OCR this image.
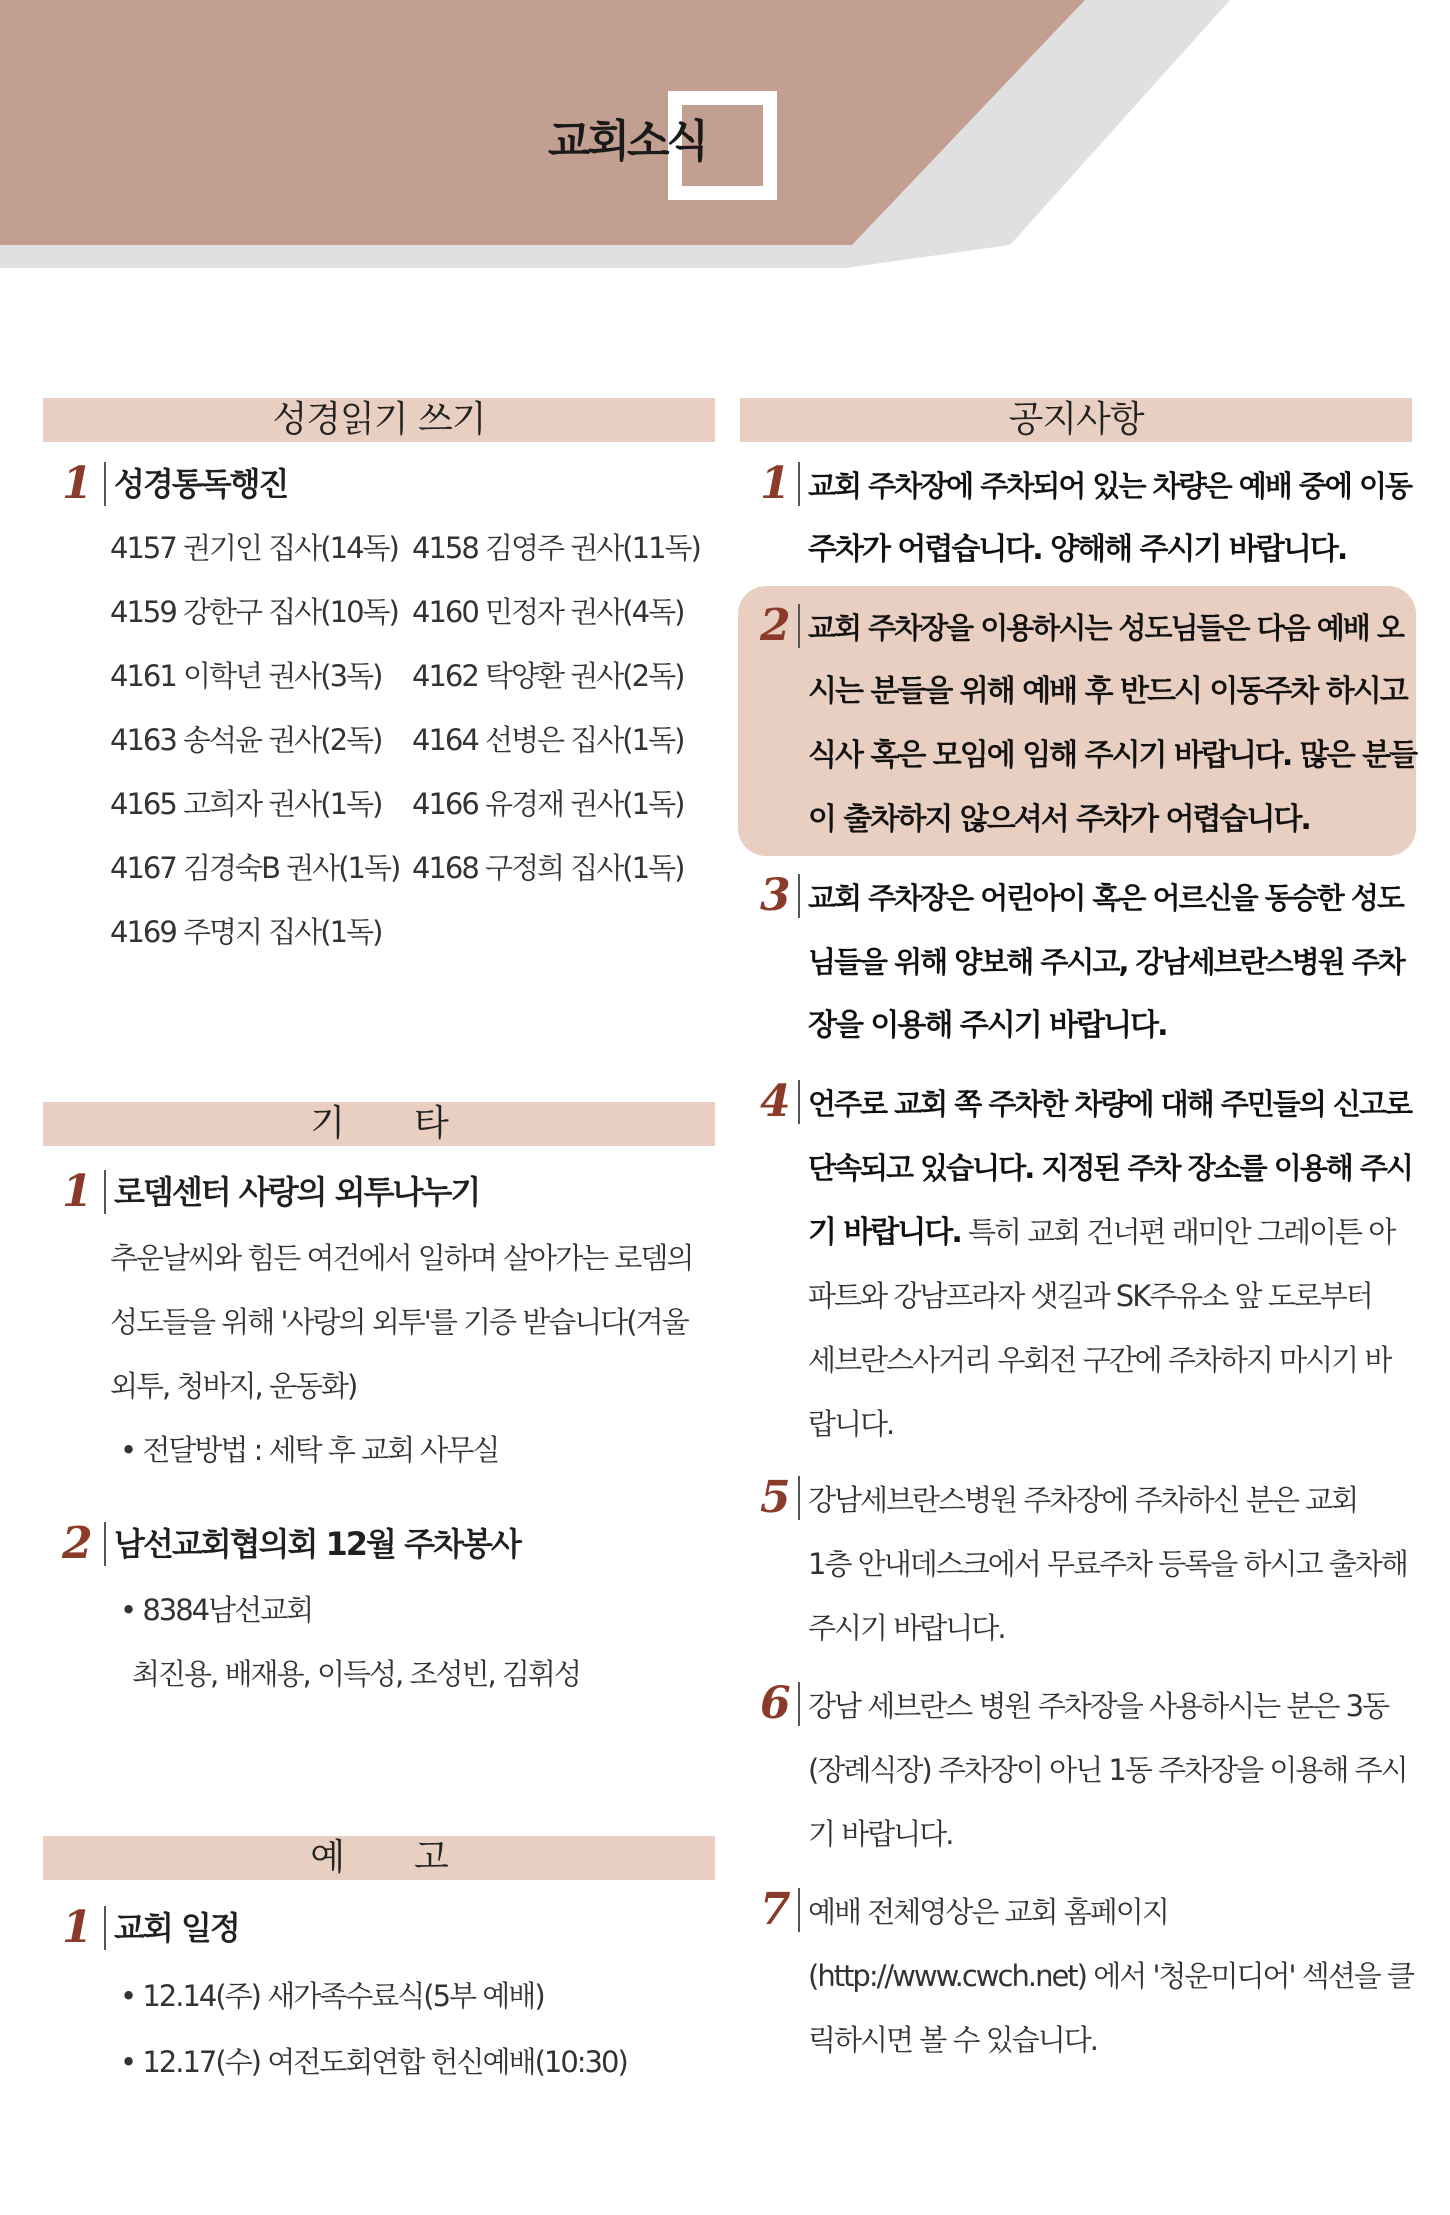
교회소식
성경읽기 쓰기
1 성경통독행진
4157 권기인 집사(14독) 4158 김영주 권사(11독)
4159 강한구 집사(10독) 4160 민정자 권사(4독)
4161 이학년 권사(3독) 4162 탁양환 권사(2독)
4163 송석윤 권사(2독) 4164 선병은 집사(1독)
4165 고희자 권사(1독) 4166 유경재 권사(1독)
4167 김경숙B 권사(1독) 4168 구정희 집사(1독)
4169 주명지 집사(1독)
기　　타
1 로뎀센터 사랑의 외투나누기
추운날씨와 힘든 여건에서 일하며 살아가는 로뎀의
성도들을 위해 '사랑의 외투'를 기증 받습니다(겨울
외투, 청바지, 운동화)
• 전달방법 : 세탁 후 교회 사무실
2 남선교회협의회 12월 주차봉사
• 8384남선교회
최진용, 배재용, 이득성, 조성빈, 김휘성
예　　고
1 교회 일정
• 12.14(주) 새가족수료식(5부 예배)
• 12.17(수) 여전도회연합 헌신예배(10:30)
공지사항
1 교회 주차장에 주차되어 있는 차량은 예배 중에 이동
주차가 어렵습니다. 양해해 주시기 바랍니다.
2 교회 주차장을 이용하시는 성도님들은 다음 예배 오
시는 분들을 위해 예배 후 반드시 이동주차 하시고
식사 혹은 모임에 임해 주시기 바랍니다. 많은 분들
이 출차하지 않으셔서 주차가 어렵습니다.
3 교회 주차장은 어린아이 혹은 어르신을 동승한 성도
님들을 위해 양보해 주시고, 강남세브란스병원 주차
장을 이용해 주시기 바랍니다.
4 언주로 교회 쪽 주차한 차량에 대해 주민들의 신고로
단속되고 있습니다. 지정된 주차 장소를 이용해 주시
기 바랍니다. 특히 교회 건너편 래미안 그레이튼 아
파트와 강남프라자 샛길과 SK주유소 앞 도로부터
세브란스사거리 우회전 구간에 주차하지 마시기 바
랍니다.
5 강남세브란스병원 주차장에 주차하신 분은 교회
1층 안내데스크에서 무료주차 등록을 하시고 출차해
주시기 바랍니다.
6 강남 세브란스 병원 주차장을 사용하시는 분은 3동
(장례식장) 주차장이 아닌 1동 주차장을 이용해 주시
기 바랍니다.
7 예배 전체영상은 교회 홈페이지
(http://www.cwch.net) 에서 '청운미디어' 섹션을 클
릭하시면 볼 수 있습니다.
